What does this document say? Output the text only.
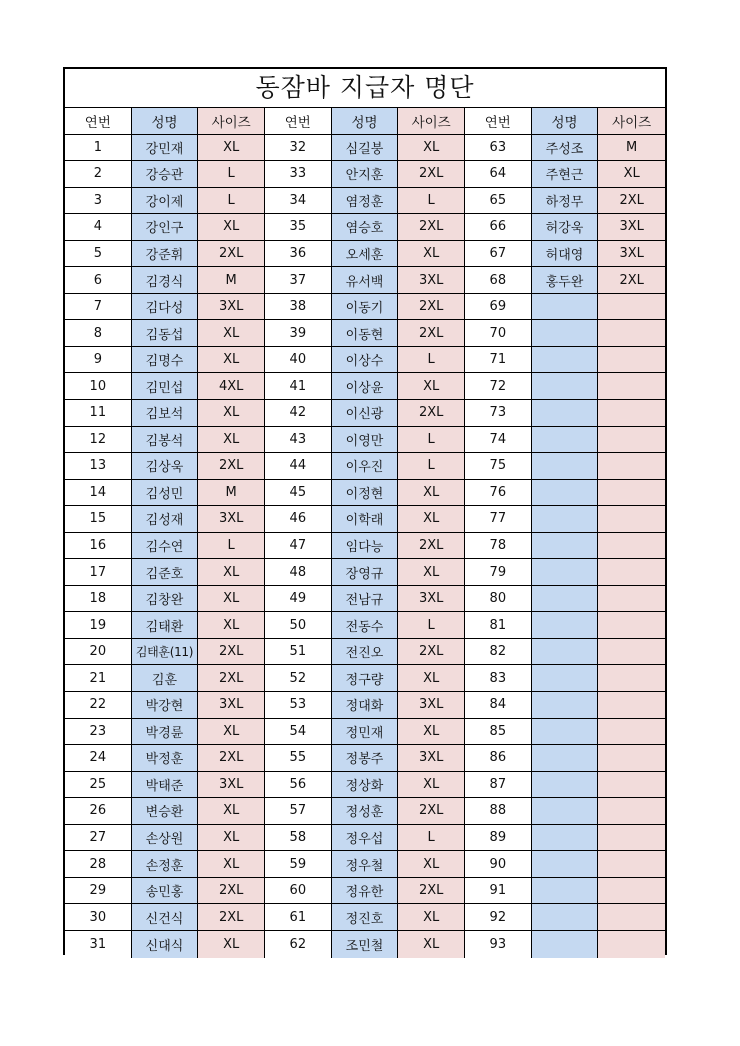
동잠바 지급자 명단
연번	성명	사이즈	연번	성명	사이즈	연번	성명	사이즈
1	강민재	XL	32	심길붕	XL	63	주성조	M
2	강승관	L	33	안지훈	2XL	64	주현근	XL
3	강이제	L	34	염정훈	L	65	하정무	2XL
4	강인구	XL	35	염승호	2XL	66	허강욱	3XL
5	강준휘	2XL	36	오세훈	XL	67	허대영	3XL
6	김경식	M	37	유서백	3XL	68	홍두완	2XL
7	김다성	3XL	38	이동기	2XL	69
8	김동섭	XL	39	이동현	2XL	70
9	김명수	XL	40	이상수	L	71
10	김민섭	4XL	41	이상윤	XL	72
11	김보석	XL	42	이신광	2XL	73
12	김봉석	XL	43	이영만	L	74
13	김상욱	2XL	44	이우진	L	75
14	김성민	M	45	이정현	XL	76
15	김성재	3XL	46	이학래	XL	77
16	김수연	L	47	임다능	2XL	78
17	김준호	XL	48	장영규	XL	79
18	김창완	XL	49	전남규	3XL	80
19	김태환	XL	50	전동수	L	81
20	김태훈(11)	2XL	51	전진오	2XL	82
21	김훈	2XL	52	정구량	XL	83
22	박강현	3XL	53	정대화	3XL	84
23	박경륜	XL	54	정민재	XL	85
24	박정훈	2XL	55	정봉주	3XL	86
25	박태준	3XL	56	정상화	XL	87
26	변승환	XL	57	정성훈	2XL	88
27	손상원	XL	58	정우섭	L	89
28	손정훈	XL	59	정우철	XL	90
29	송민홍	2XL	60	정유한	2XL	91
30	신건식	2XL	61	정진호	XL	92
31	신대식	XL	62	조민철	XL	93
